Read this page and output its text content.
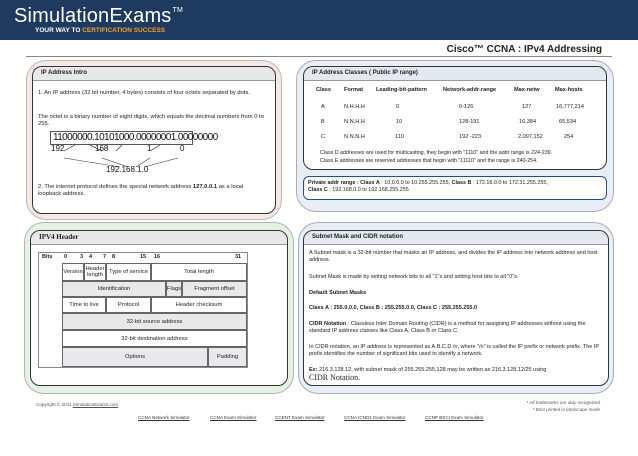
SimulationExams™
YOUR WAY TO CERTIFICATION SUCCESS
Cisco™ CCNA : IPv4 Addressing
IP Address Intro
1. An IP address (32 bit number, 4 bytes) consists of four octets separated by dots.
The octet is a binary number of eight digits, which equals the decimal numbers from 0 to 255.
11000000.10101000.00000001.00000000
192	168	1	0
192.168.1.0
2. The internet protocol defines the special network address 127.0.0.1 as a local loopback address.
IP Address Classes ( Public IP range)
Class Format Leading-bit-pattern	Network-addr-range	Max-netw	Max-hosts
A	N.H.H.H	0	0-126	127	16,777,214
B	N.N.H.H	10	128-191	16,384	65,534
C	N.N.N.H	110	192 -223	2,097,152	254
Class D addresses are used for multicasting, they begin with "1110" and the addr range is 224-239.
Class E addresses are reserved addresses that begin with "11110" and the range is 240-254.
Private addr range : Class A : 10.0.0.0 to 10.255.255.255, Class B : 172.16.0.0 to 172.31.255.255,
Class C : 192.168.0.0 to 192.168.255.255
IPV4 Header
Bits 0 3 4 7 8	15 16	31
Version Header length	Type of service	Total length
Identification	Flags	Fragment offset
Time to live	Protocol	Header checksum
32-bit source address
32-bit destination address
Options	Padding
Subnet Mask and CIDR notation
A Subnet mask is a 32-bit number that masks an IP address, and divides the IP address into network address and host address.
Subnet Mask is made by setting network bits to all "1"s and setting host bits to all "0"s.
Default Subnet Masks
Class A : 255.0.0.0, Class B : 255.255.0.0, Class C : 255.255.255.0
CIDR Notation : Classless Inter Domain Routing (CIDR) is a method for assigning IP addresses without using the standard IP address classes like Class A, Class B or Class C.
In CIDR notation, an IP address is represented as A.B.C.D /n, where "/n" is called the IP prefix or network prefix. The IP prefix identifies the number of significant bits used to identify a network.
Ex: 216.3.128.12, with subnet mask of 255.255.255.128 may be written as 216.3.128.12/25 using
CIDR Notation.
Copyright © 2011 SimulationExams.com	* All trademarks are duly recognized
* Best printed in landscape mode
CCNA Network Simulator	CCNA Exam Simulator	CCENT Exam Simulator	CCNA ICND1 Exam Simulator	CCNP BSCI Exam Simulator
